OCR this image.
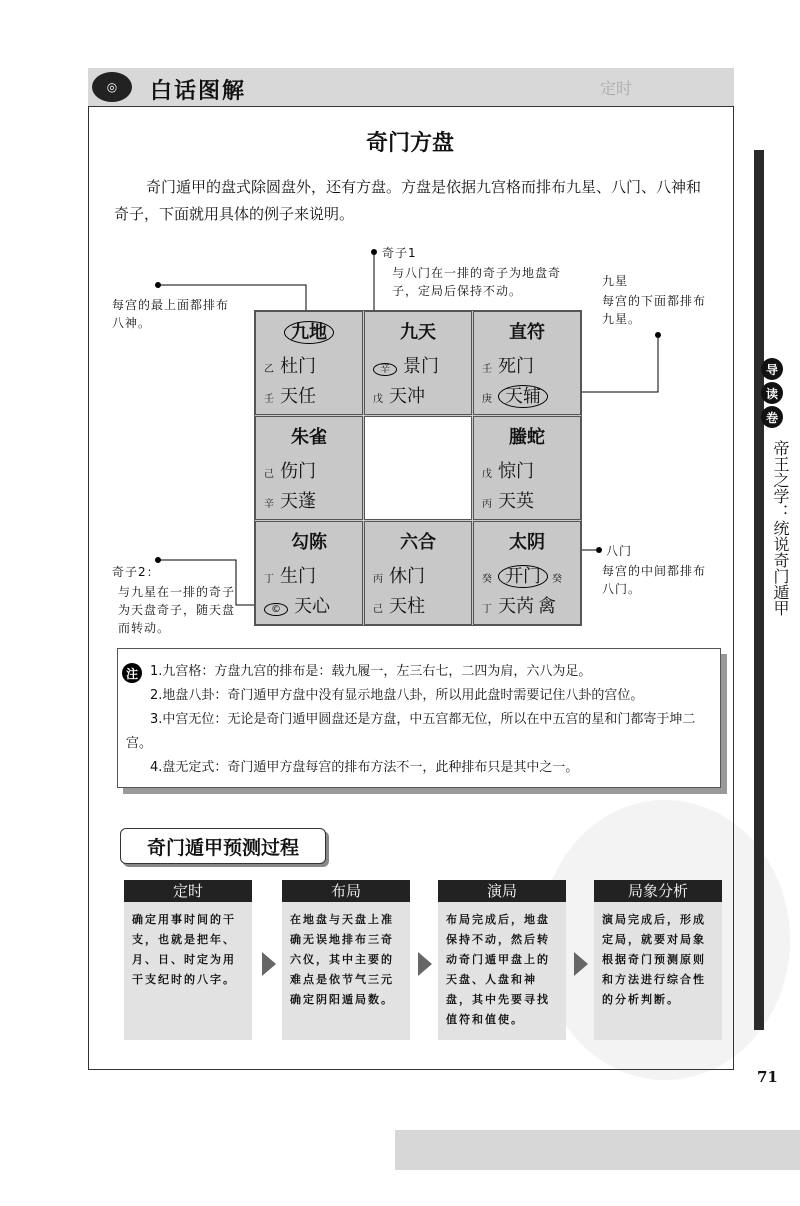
◎	白话图解	定时
导
读
卷
帝王之学：统说奇门遁甲
71
奇门方盘
奇门遁甲的盘式除圆盘外，还有方盘。方盘是依据九宫格而排布九星、八门、八神和奇子，下面就用具体的例子来说明。
九地
乙 杜门
壬 天任
九天
辛 景门
戊 天冲
直符
壬 死门
庚 天辅
朱雀
己 伤门
辛 天蓬
螣蛇
戊 惊门
丙 天英
勾陈
丁 生门
© 天心
六合
丙 休门
己 天柱
太阴
癸 开门 癸
丁 天芮 禽
奇子1
与八门在一排的奇子为地盘奇子，定局后保持不动。
每宫的最上面都排布八神。
九星
每宫的下面都排布九星。
奇子2：
与九星在一排的奇子为天盘奇子，随天盘而转动。
八门
每宫的中间都排布八门。
注 1.九宫格：方盘九宫的排布是：载九履一，左三右七，二四为肩，六八为足。
2.地盘八卦：奇门遁甲方盘中没有显示地盘八卦，所以用此盘时需要记住八卦的宫位。
3.中宫无位：无论是奇门遁甲圆盘还是方盘，中五宫都无位，所以在中五宫的星和门都寄于坤二宫。
4.盘无定式：奇门遁甲方盘每宫的排布方法不一，此种排布只是其中之一。
奇门遁甲预测过程
定时
确定用事时间的干支，也就是把年、月、日、时定为用干支纪时的八字。
布局
在地盘与天盘上准确无误地排布三奇六仪，其中主要的难点是依节气三元确定阴阳遁局数。
演局
布局完成后，地盘保持不动，然后转动奇门遁甲盘上的天盘、人盘和神盘，其中先要寻找值符和值使。
局象分析
演局完成后，形成定局，就要对局象根据奇门预测原则和方法进行综合性的分析判断。
